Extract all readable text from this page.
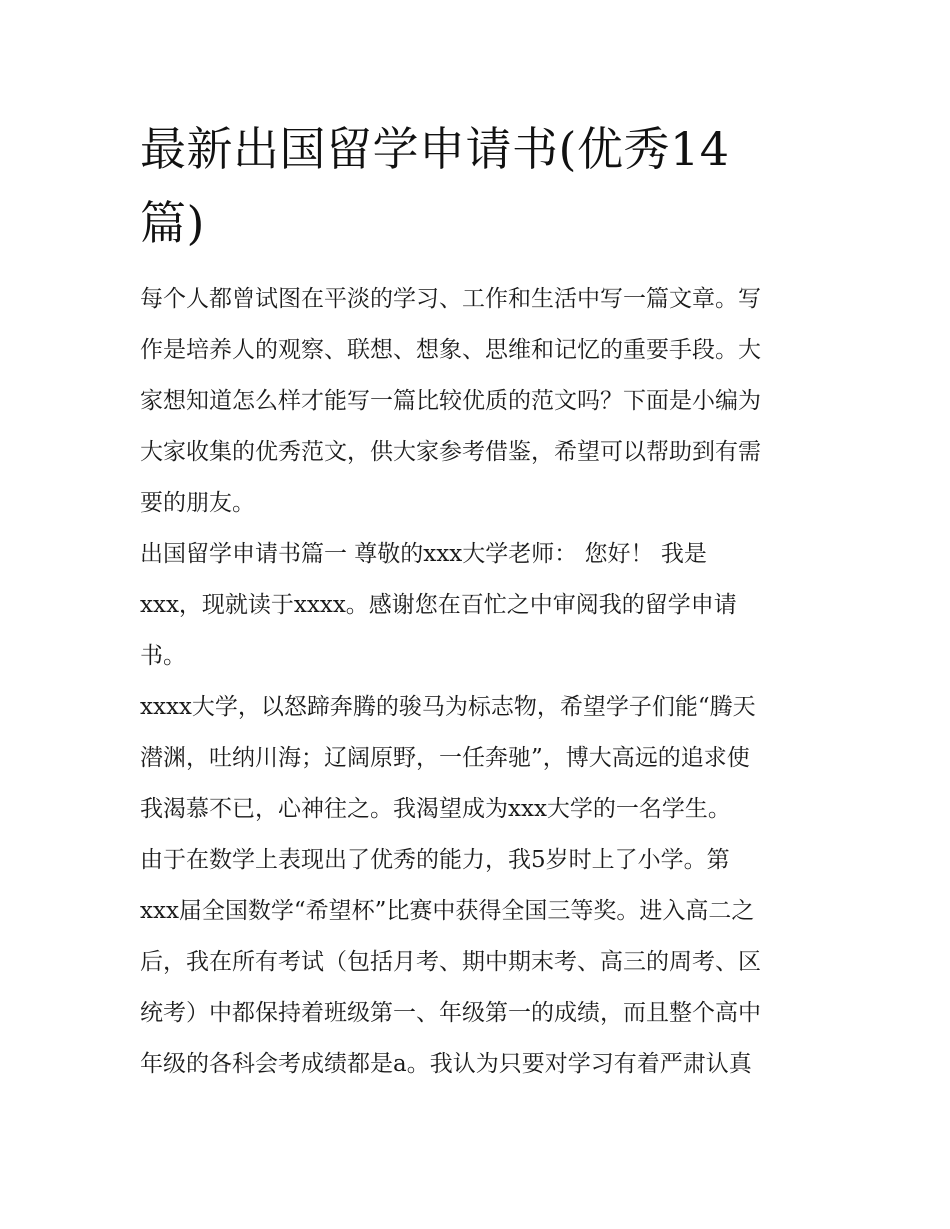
最新出国留学申请书(优秀14
篇)
每个人都曾试图在平淡的学习、工作和生活中写一篇文章。写
作是培养人的观察、联想、想象、思维和记忆的重要手段。大
家想知道怎么样才能写一篇比较优质的范文吗？下面是小编为
大家收集的优秀范文，供大家参考借鉴，希望可以帮助到有需
要的朋友。
出国留学申请书篇一 尊敬的xxx大学老师： 您好！ 我是
xxx，现就读于xxxx。感谢您在百忙之中审阅我的留学申请
书。
xxxx大学，以怒蹄奔腾的骏马为标志物，希望学子们能“腾天
潜渊，吐纳川海；辽阔原野，一任奔驰”，博大高远的追求使
我渴慕不已，心神往之。我渴望成为xxx大学的一名学生。
由于在数学上表现出了优秀的能力，我5岁时上了小学。第
xxx届全国数学“希望杯”比赛中获得全国三等奖。进入高二之
后，我在所有考试（包括月考、期中期末考、高三的周考、区
统考）中都保持着班级第一、年级第一的成绩，而且整个高中
年级的各科会考成绩都是a。我认为只要对学习有着严肃认真
